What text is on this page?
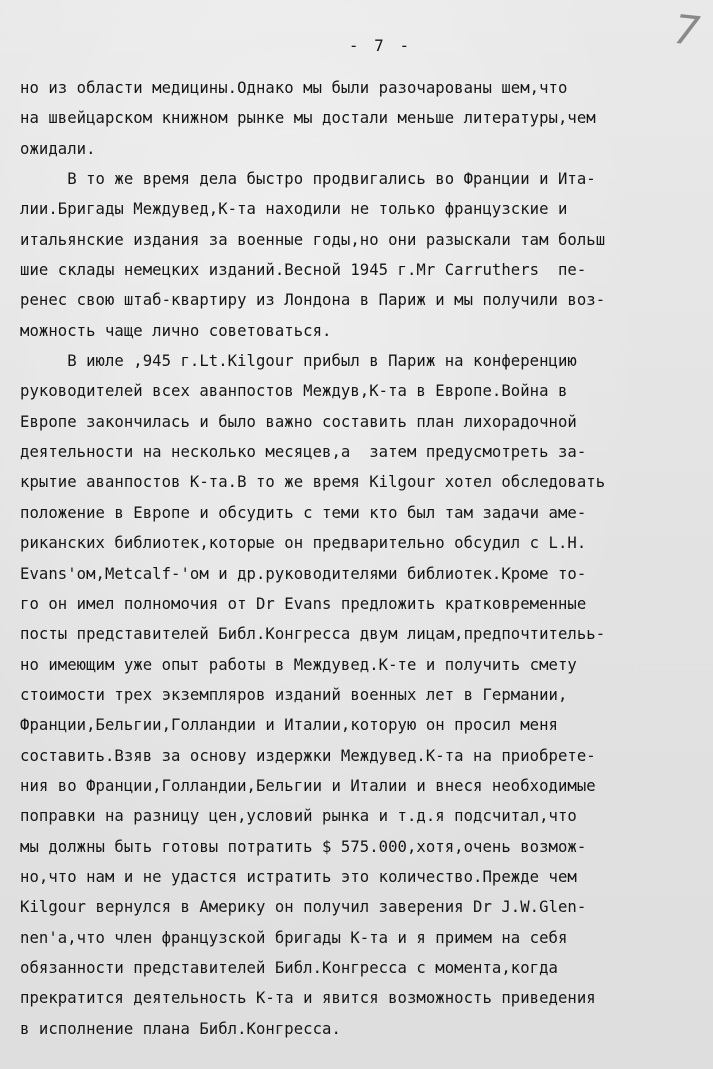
- 7 -	7
но из области медицины.Однако мы были разочарованы шем,что
на швейцарском книжном рынке мы достали меньше литературы,чем
ожидали.
В то же время дела быстро продвигались во Франции и Ита-
лии.Бригады Междувед,К-та находили не только французские и
итальянские издания за военные годы,но они разыскали там больш
шие склады немецких изданий.Весной 1945 г.Mr Carruthers  пе-
ренес свою штаб-квартиру из Лондона в Париж и мы получили воз-
можность чаще лично советоваться.
В июле ,945 г.Lt.Kilgour прибыл в Париж на конференцию
руководителей всех аванпостов Междув,К-та в Европе.Война в
Европе закончилась и было важно составить план лихорадочной
деятельности на несколько месяцев,а  затем предусмотреть за-
крытие аванпостов К-та.В то же время Kilgour хотел обследовать
положение в Европе и обсудить с теми кто был там задачи аме-
риканских библиотек,которые он предварительно обсудил с L.H.
Evans'ом,Metcalf-'ом и др.руководителями библиотек.Кроме то-
го он имел полномочия от Dr Evans предложить кратковременные
посты представителей Библ.Конгресса двум лицам,предпочтительь-
но имеющим уже опыт работы в Междувед.К-те и получить смету
стоимости трех экземпляров изданий военных лет в Германии,
Франции,Бельгии,Голландии и Италии,которую он просил меня
составить.Взяв за основу издержки Междувед.К-та на приобрете-
ния во Франции,Голландии,Бельгии и Италии и внеся необходимые
поправки на разницу цен,условий рынка и т.д.я подсчитал,что
мы должны быть готовы потратить $ 575.000,хотя,очень возмож-
но,что нам и не удастся истратить это количество.Прежде чем
Kilgour вернулся в Америку он получил заверения Dr J.W.Glen-
nen'а,что член французской бригады К-та и я примем на себя
обязанности представителей Библ.Конгресса с момента,когда
прекратится деятельность К-та и явится возможность приведения
в исполнение плана Библ.Конгресса.
